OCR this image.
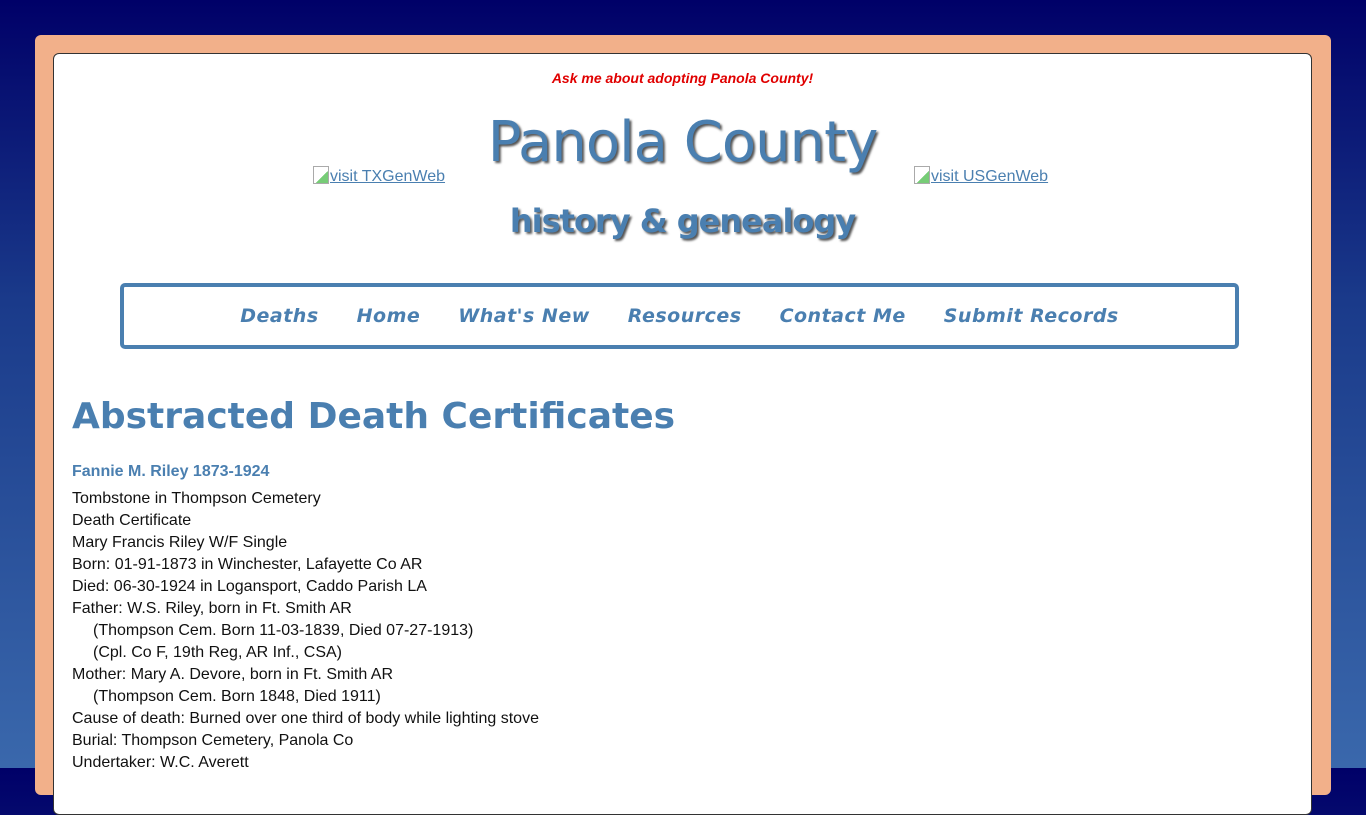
Ask me about adopting Panola County!
visit TXGenWeb
Panola County
visit USGenWeb
history & genealogy
Deaths Home What's New Resources Contact Me Submit Records
Abstracted Death Certificates
Fannie M. Riley 1873-1924
Tombstone in Thompson Cemetery
Death Certificate
Mary Francis Riley W/F Single
Born: 01-91-1873 in Winchester, Lafayette Co AR
Died: 06-30-1924 in Logansport, Caddo Parish LA
Father: W.S. Riley, born in Ft. Smith AR
(Thompson Cem. Born 11-03-1839, Died 07-27-1913)
(Cpl. Co F, 19th Reg, AR Inf., CSA)
Mother: Mary A. Devore, born in Ft. Smith AR
(Thompson Cem. Born 1848, Died 1911)
Cause of death: Burned over one third of body while lighting stove
Burial: Thompson Cemetery, Panola Co
Undertaker: W.C. Averett
